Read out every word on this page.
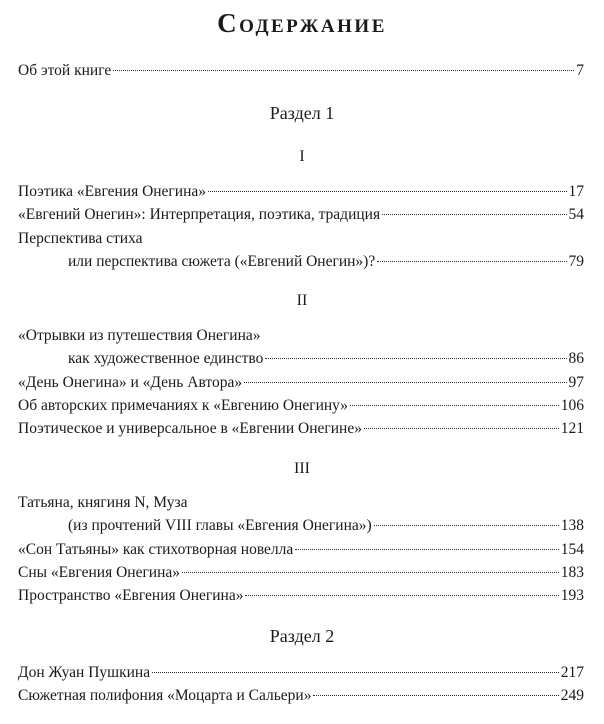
Содержание
Об этой книге	7
Раздел 1
I
Поэтика «Евгения Онегина»	17
«Евгений Онегин»: Интерпретация, поэтика, традиция	54
Перспектива стиха
или перспектива сюжета («Евгений Онегин»)?	79
II
«Отрывки из путешествия Онегина»
как художественное единство	86
«День Онегина» и «День Автора»	97
Об авторских примечаниях к «Евгению Онегину»	106
Поэтическое и универсальное в «Евгении Онегине»	121
III
Татьяна, княгиня N, Муза
(из прочтений VIII главы «Евгения Онегина»)	138
«Сон Татьяны» как стихотворная новелла	154
Сны «Евгения Онегина»	183
Пространство «Евгения Онегина»	193
Раздел 2
Дон Жуан Пушкина	217
Сюжетная полифония «Моцарта и Сальери»	249
